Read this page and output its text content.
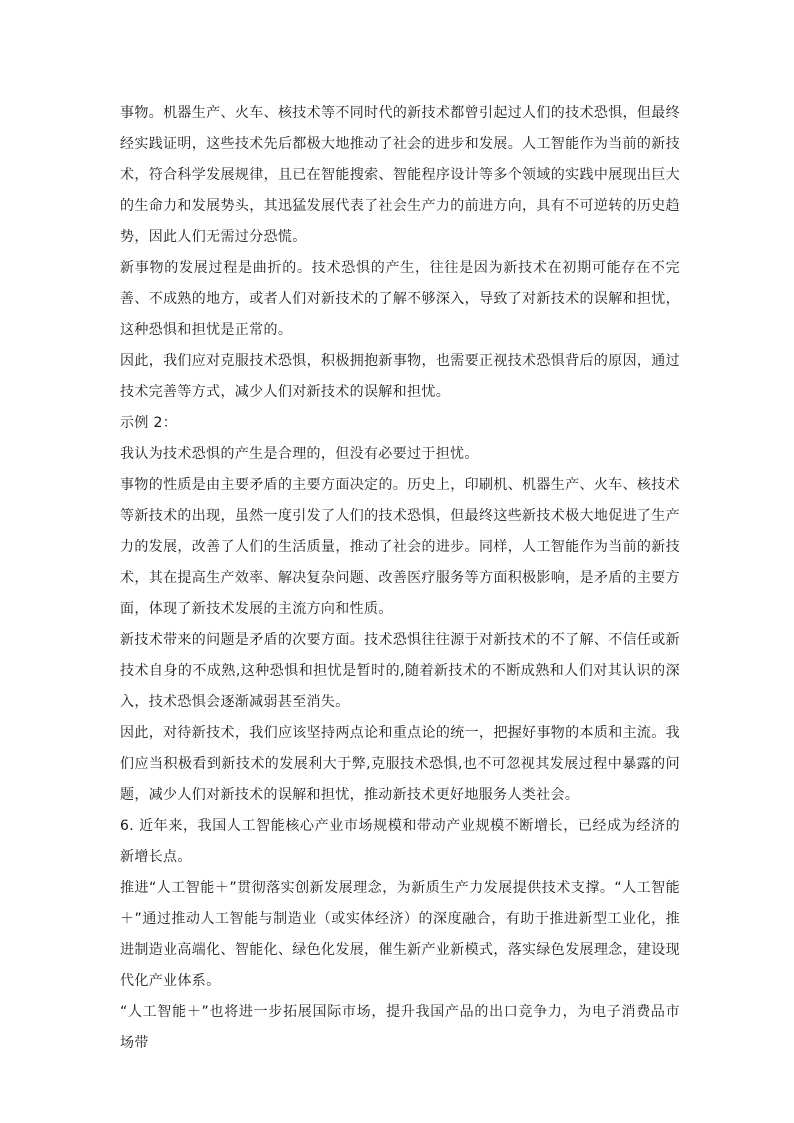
事物。机器生产、火车、核技术等不同时代的新技术都曾引起过人们的技术恐惧，但最终经实践证明，这些技术先后都极大地推动了社会的进步和发展。人工智能作为当前的新技术，符合科学发展规律，且已在智能搜索、智能程序设计等多个领域的实践中展现出巨大的生命力和发展势头，其迅猛发展代表了社会生产力的前进方向，具有不可逆转的历史趋势，因此人们无需过分恐慌。

新事物的发展过程是曲折的。技术恐惧的产生，往往是因为新技术在初期可能存在不完善、不成熟的地方，或者人们对新技术的了解不够深入，导致了对新技术的误解和担忧，这种恐惧和担忧是正常的。

因此，我们应对克服技术恐惧，积极拥抱新事物，也需要正视技术恐惧背后的原因，通过技术完善等方式，减少人们对新技术的误解和担忧。

示例 2：

我认为技术恐惧的产生是合理的，但没有必要过于担忧。

事物的性质是由主要矛盾的主要方面决定的。历史上，印刷机、机器生产、火车、核技术等新技术的出现，虽然一度引发了人们的技术恐惧，但最终这些新技术极大地促进了生产力的发展，改善了人们的生活质量，推动了社会的进步。同样，人工智能作为当前的新技术，其在提高生产效率、解决复杂问题、改善医疗服务等方面积极影响，是矛盾的主要方面，体现了新技术发展的主流方向和性质。

新技术带来的问题是矛盾的次要方面。技术恐惧往往源于对新技术的不了解、不信任或新技术自身的不成熟,这种恐惧和担忧是暂时的,随着新技术的不断成熟和人们对其认识的深入，技术恐惧会逐渐减弱甚至消失。

因此，对待新技术，我们应该坚持两点论和重点论的统一，把握好事物的本质和主流。我们应当积极看到新技术的发展利大于弊,克服技术恐惧,也不可忽视其发展过程中暴露的问题，减少人们对新技术的误解和担忧，推动新技术更好地服务人类社会。

6. 近年来，我国人工智能核心产业市场规模和带动产业规模不断增长，已经成为经济的新增长点。

推进“人工智能＋”贯彻落实创新发展理念，为新质生产力发展提供技术支撑。“人工智能＋”通过推动人工智能与制造业（或实体经济）的深度融合，有助于推进新型工业化，推进制造业高端化、智能化、绿色化发展，催生新产业新模式，落实绿色发展理念，建设现代化产业体系。

“人工智能＋”也将进一步拓展国际市场，提升我国产品的出口竞争力，为电子消费品市场带
